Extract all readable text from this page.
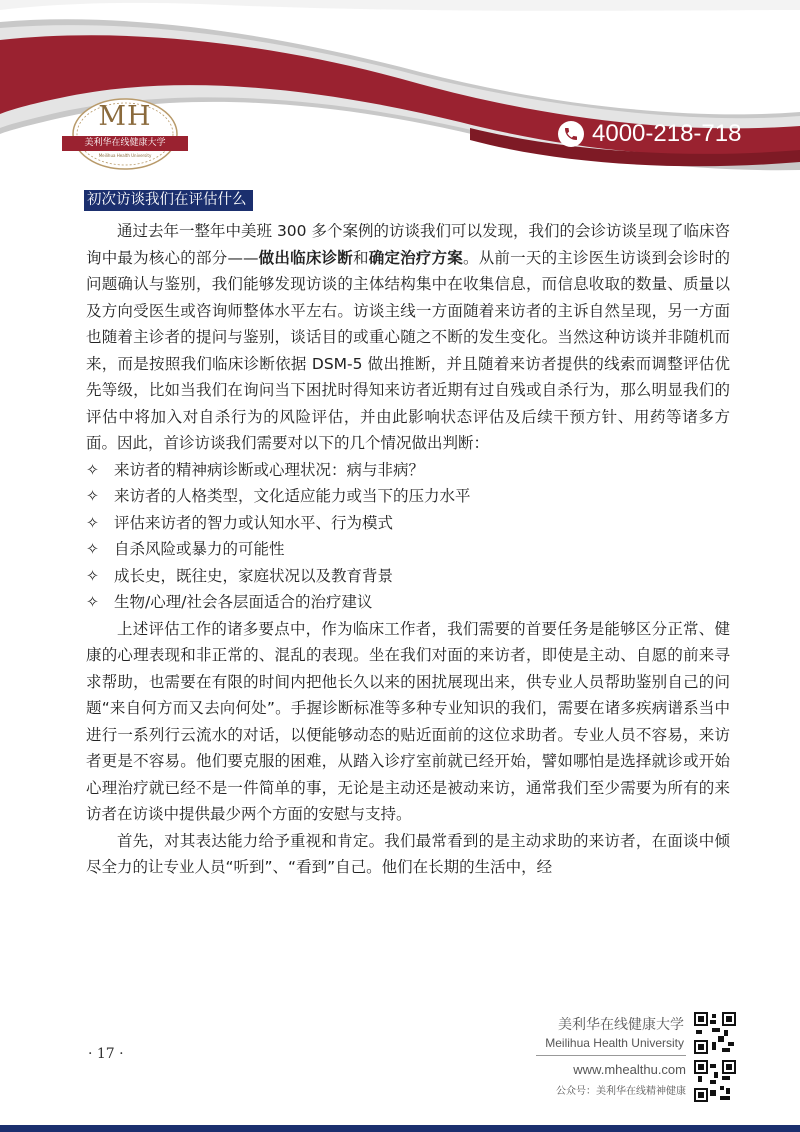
MH
美利华在线健康大学
Meilihua Health University
4000-218-718
初次访谈我们在评估什么

通过去年一整年中美班 300 多个案例的访谈我们可以发现，我们的会诊访谈呈现了临床咨询中最为核心的部分——做出临床诊断和确定治疗方案。从前一天的主诊医生访谈到会诊时的问题确认与鉴别，我们能够发现访谈的主体结构集中在收集信息，而信息收取的数量、质量以及方向受医生或咨询师整体水平左右。访谈主线一方面随着来访者的主诉自然呈现，另一方面也随着主诊者的提问与鉴别，谈话目的或重心随之不断的发生变化。当然这种访谈并非随机而来，而是按照我们临床诊断依据 DSM-5 做出推断，并且随着来访者提供的线索而调整评估优先等级，比如当我们在询问当下困扰时得知来访者近期有过自残或自杀行为，那么明显我们的评估中将加入对自杀行为的风险评估，并由此影响状态评估及后续干预方针、用药等诸多方面。因此，首诊访谈我们需要对以下的几个情况做出判断：

✧ 来访者的精神病诊断或心理状况：病与非病？
✧ 来访者的人格类型，文化适应能力或当下的压力水平
✧ 评估来访者的智力或认知水平、行为模式
✧ 自杀风险或暴力的可能性
✧ 成长史，既往史，家庭状况以及教育背景
✧ 生物/心理/社会各层面适合的治疗建议

上述评估工作的诸多要点中，作为临床工作者，我们需要的首要任务是能够区分正常、健康的心理表现和非正常的、混乱的表现。坐在我们对面的来访者，即使是主动、自愿的前来寻求帮助，也需要在有限的时间内把他长久以来的困扰展现出来，供专业人员帮助鉴别自己的问题“来自何方而又去向何处”。手握诊断标准等多种专业知识的我们，需要在诸多疾病谱系当中进行一系列行云流水的对话，以便能够动态的贴近面前的这位求助者。专业人员不容易，来访者更是不容易。他们要克服的困难，从踏入诊疗室前就已经开始，譬如哪怕是选择就诊或开始心理治疗就已经不是一件简单的事，无论是主动还是被动来访，通常我们至少需要为所有的来访者在访谈中提供最少两个方面的安慰与支持。

首先，对其表达能力给予重视和肯定。我们最常看到的是主动求助的来访者，在面谈中倾尽全力的让专业人员“听到”、“看到”自己。他们在长期的生活中，经

美利华在线健康大学
Meilihua Health University
www.mhealthu.com
公众号：美利华在线精神健康
· 17 ·
